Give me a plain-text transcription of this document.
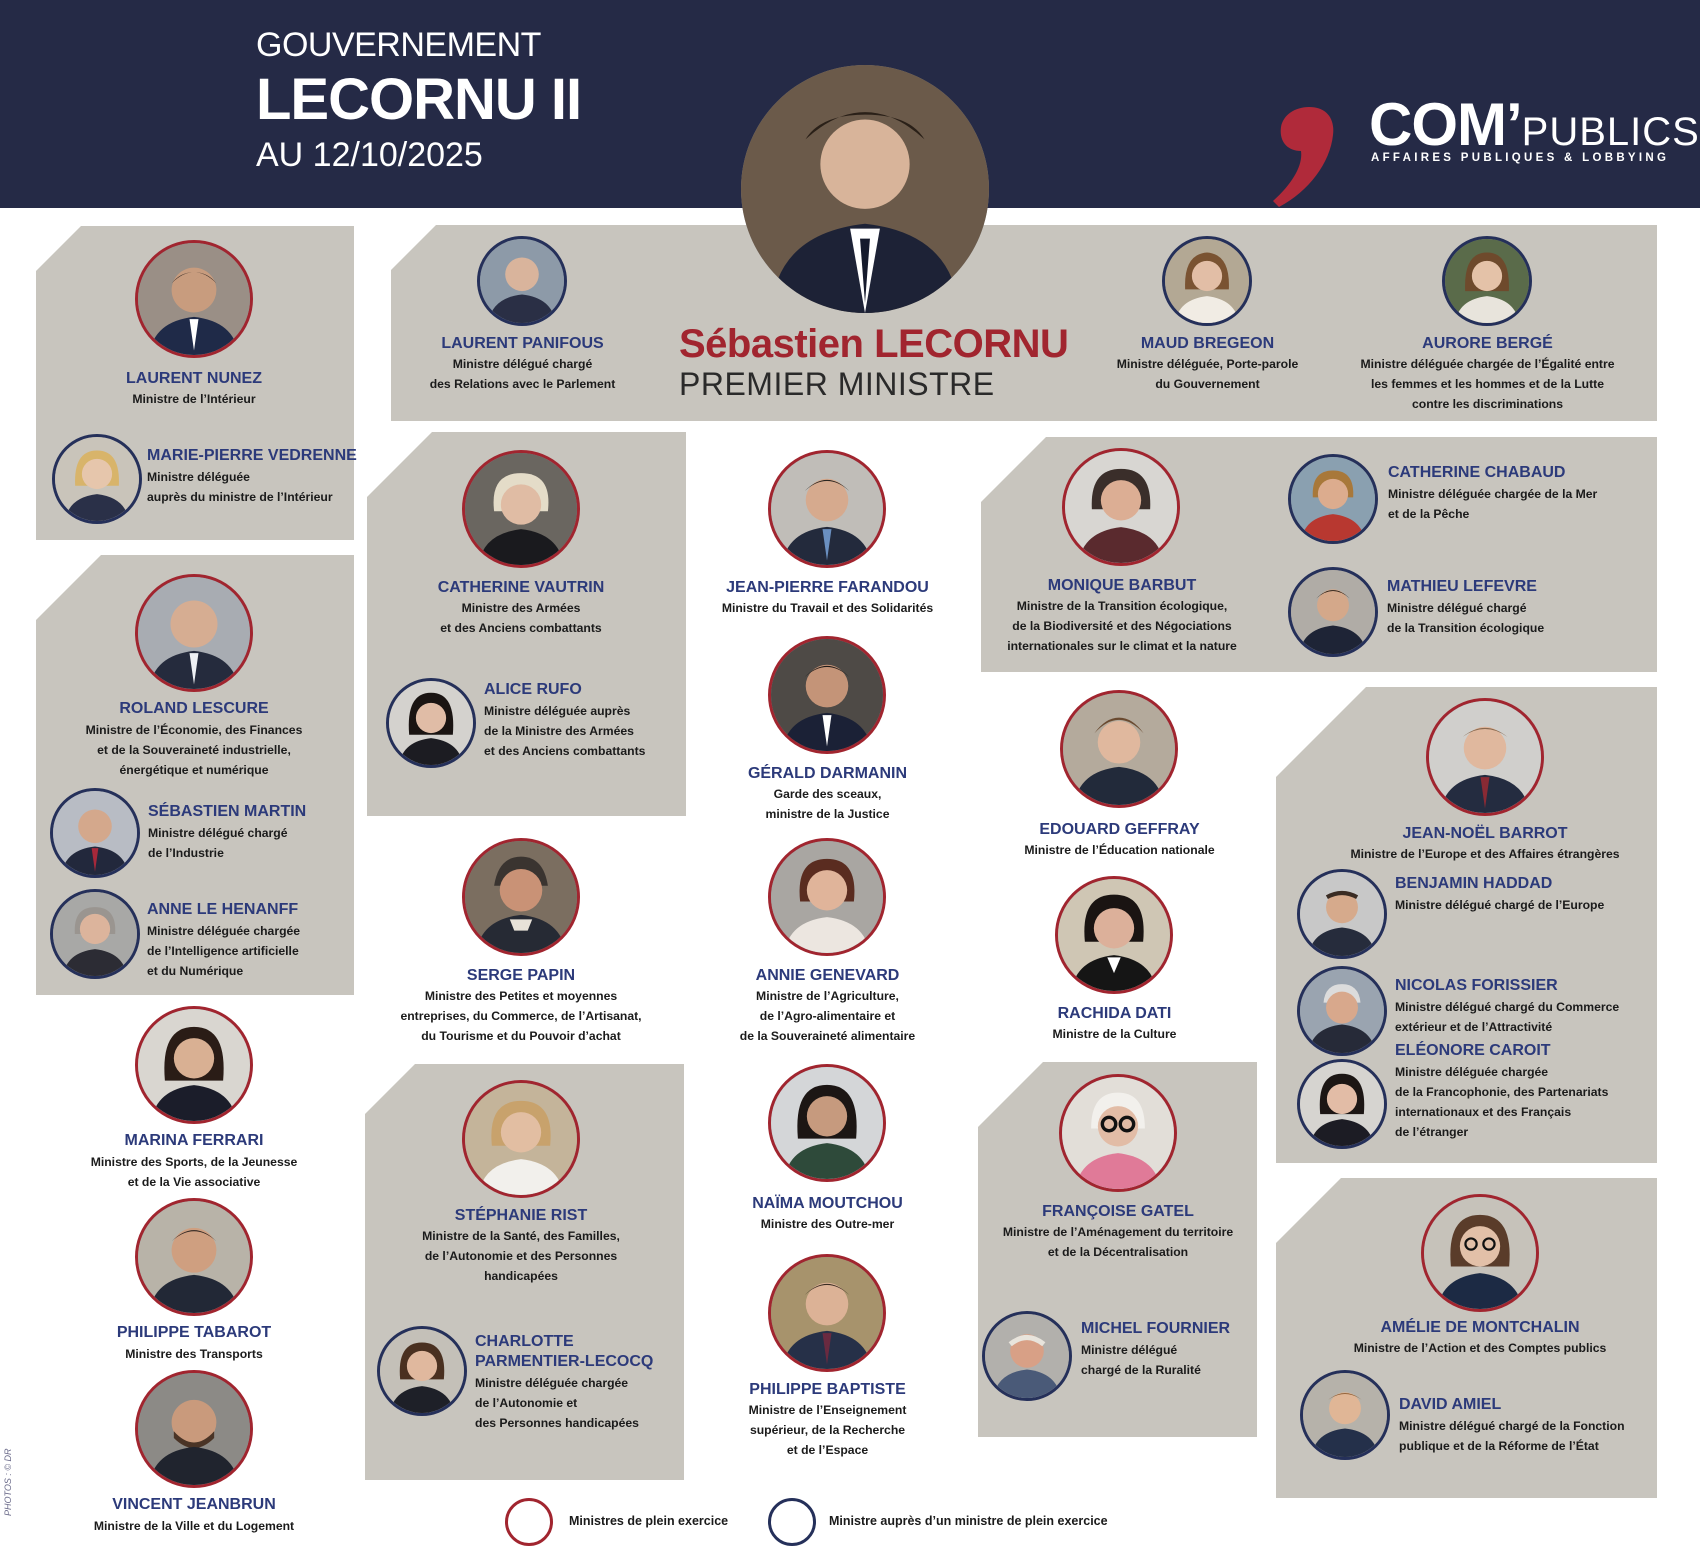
GOUVERNEMENT
LECORNU II
AU 12/10/2025	COM’PUBLICS
AFFAIRES PUBLIQUES & LOBBYING
Sébastien LECORNU
PREMIER MINISTRE
LAURENT PANIFOUS
Ministre délégué chargé
des Relations avec le Parlement
MAUD BREGEON
Ministre déléguée, Porte-parole
du Gouvernement
AURORE BERGÉ
Ministre déléguée chargée de l’Égalité entre
les femmes et les hommes et de la Lutte
contre les discriminations
LAURENT NUNEZ
Ministre de l’Intérieur
ROLAND LESCURE
Ministre de l’Économie, des Finances
et de la Souveraineté industrielle,
énergétique et numérique
MARINA FERRARI
Ministre des Sports, de la Jeunesse
et de la Vie associative
PHILIPPE TABAROT
Ministre des Transports
VINCENT JEANBRUN
Ministre de la Ville et du Logement
CATHERINE VAUTRIN
Ministre des Armées
et des Anciens combattants
SERGE PAPIN
Ministre des Petites et moyennes
entreprises, du Commerce, de l’Artisanat,
du Tourisme et du Pouvoir d’achat
STÉPHANIE RIST
Ministre de la Santé, des Familles,
de l’Autonomie et des Personnes
handicapées
JEAN-PIERRE FARANDOU
Ministre du Travail et des Solidarités
GÉRALD DARMANIN
Garde des sceaux,
ministre de la Justice
ANNIE GENEVARD
Ministre de l’Agriculture,
de l’Agro-alimentaire et
de la Souveraineté alimentaire
NAÏMA MOUTCHOU
Ministre des Outre-mer
PHILIPPE BAPTISTE
Ministre de l’Enseignement
supérieur, de la Recherche
et de l’Espace
MONIQUE BARBUT
Ministre de la Transition écologique,
de la Biodiversité et des Négociations
internationales sur le climat et la nature
EDOUARD GEFFRAY
Ministre de l’Éducation nationale
RACHIDA DATI
Ministre de la Culture
FRANÇOISE GATEL
Ministre de l’Aménagement du territoire
et de la Décentralisation
JEAN-NOËL BARROT
Ministre de l’Europe et des Affaires étrangères
AMÉLIE DE MONTCHALIN
Ministre de l’Action et des Comptes publics
MARIE-PIERRE VEDRENNE
Ministre déléguée
auprès du ministre de l’Intérieur
SÉBASTIEN MARTIN
Ministre délégué chargé
de l’Industrie
ANNE LE HENANFF
Ministre déléguée chargée
de l’Intelligence artificielle
et du Numérique
ALICE RUFO
Ministre déléguée auprès
de la Ministre des Armées
et des Anciens combattants
CHARLOTTE
PARMENTIER-LECOCQ
Ministre déléguée chargée
de l’Autonomie et
des Personnes handicapées
CATHERINE CHABAUD
Ministre déléguée chargée de la Mer
et de la Pêche
MATHIEU LEFEVRE
Ministre délégué chargé
de la Transition écologique
MICHEL FOURNIER
Ministre délégué
chargé de la Ruralité
BENJAMIN HADDAD
Ministre délégué chargé de l’Europe
NICOLAS FORISSIER
Ministre délégué chargé du Commerce
extérieur et de l’Attractivité
ELÉONORE CAROIT
Ministre déléguée chargée
de la Francophonie, des Partenariats
internationaux et des Français
de l’étranger
DAVID AMIEL
Ministre délégué chargé de la Fonction
publique et de la Réforme de l’État
Ministres de plein exercice	Ministre auprès d’un ministre de plein exercice
PHOTOS : © DR
